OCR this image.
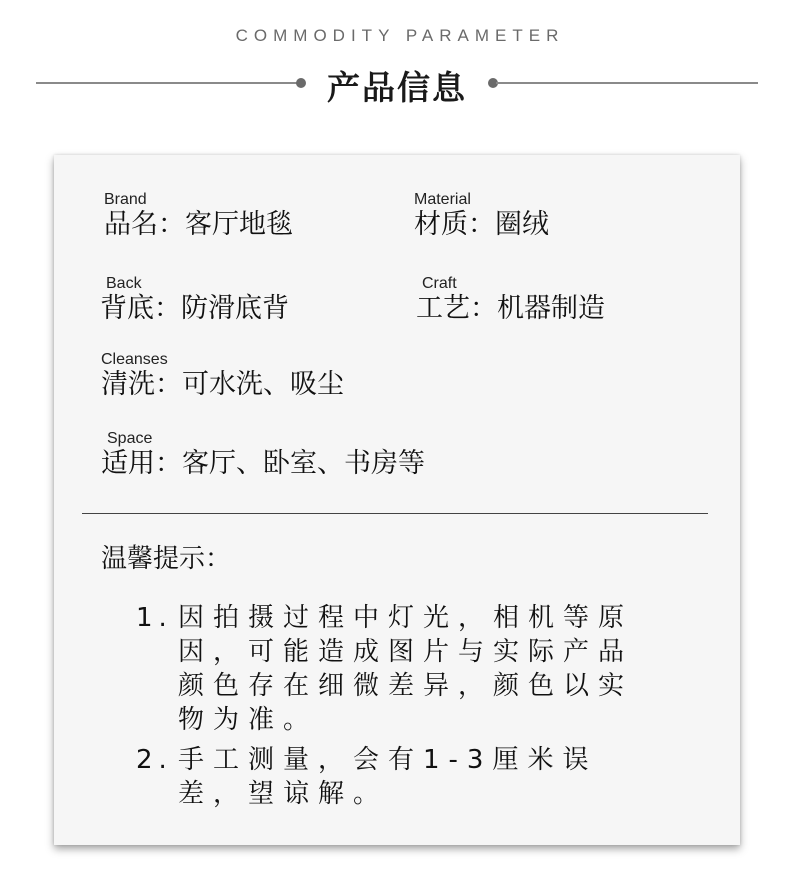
COMMODITY PARAMETER
产品信息
Brand
品名：客厅地毯
Material
材质：圈绒
Back
背底：防滑底背
Craft
工艺：机器制造
Cleanses
清洗：可水洗、吸尘
Space
适用：客厅、卧室、书房等
温馨提示：
1. 因拍摄过程中灯光，相机等原因，可能造成图片与实际产品颜色存在细微差异，颜色以实物为准。
2. 手工测量，会有1-3厘米误差，望谅解。
